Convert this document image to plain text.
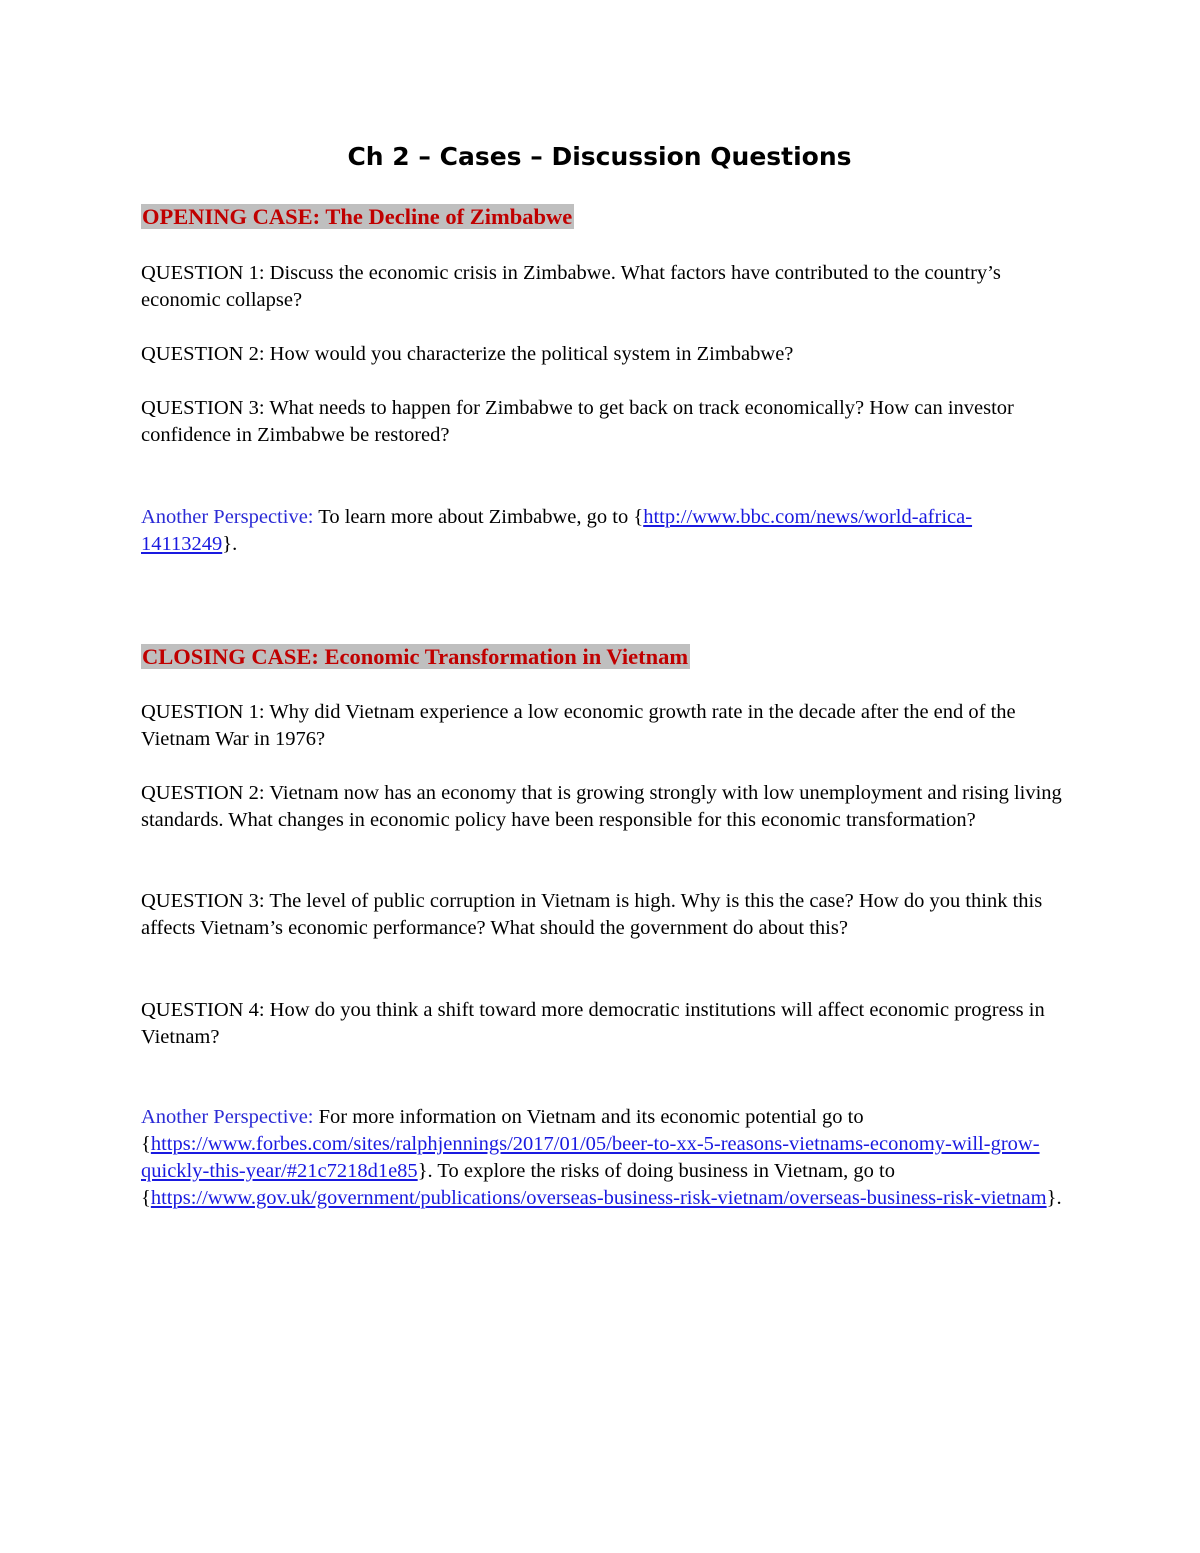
Ch 2 – Cases – Discussion Questions
OPENING CASE: The Decline of Zimbabwe

QUESTION 1: Discuss the economic crisis in Zimbabwe. What factors have contributed to the country’s economic collapse?

QUESTION 2: How would you characterize the political system in Zimbabwe?

QUESTION 3: What needs to happen for Zimbabwe to get back on track economically? How can investor confidence in Zimbabwe be restored?

Another Perspective: To learn more about Zimbabwe, go to {http://www.bbc.com/news/world-africa-14113249}.

CLOSING CASE: Economic Transformation in Vietnam

QUESTION 1: Why did Vietnam experience a low economic growth rate in the decade after the end of the Vietnam War in 1976?

QUESTION 2: Vietnam now has an economy that is growing strongly with low unemployment and rising living standards. What changes in economic policy have been responsible for this economic transformation?

QUESTION 3: The level of public corruption in Vietnam is high. Why is this the case? How do you think this affects Vietnam’s economic performance? What should the government do about this?

QUESTION 4: How do you think a shift toward more democratic institutions will affect economic progress in Vietnam?

Another Perspective: For more information on Vietnam and its economic potential go to {https://www.forbes.com/sites/ralphjennings/2017/01/05/beer-to-xx-5-reasons-vietnams-economy-will-grow-quickly-this-year/#21c7218d1e85}. To explore the risks of doing business in Vietnam, go to {https://www.gov.uk/government/publications/overseas-business-risk-vietnam/overseas-business-risk-vietnam}.
